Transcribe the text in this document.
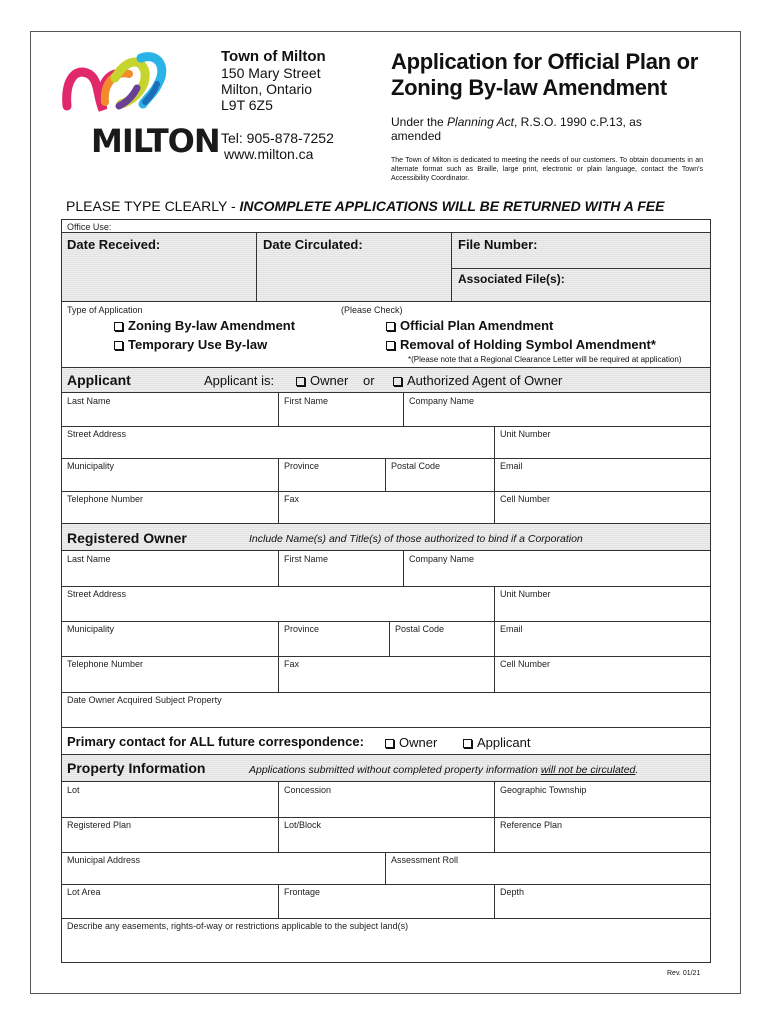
MILTON
Town of Milton
150 Mary Street
Milton, Ontario
L9T 6Z5
Tel: 905-878-7252
www.milton.ca
Application for Official Plan or
Zoning By-law Amendment
Under the Planning Act, R.S.O. 1990 c.P.13, as
amended
The Town of Milton is dedicated to meeting the needs of our customers. To obtain documents in an alternate format such as Braille, large print, electronic or plain language, contact the Town's Accessibility Coordinator.
PLEASE TYPE CLEARLY - INCOMPLETE APPLICATIONS WILL BE RETURNED WITH A FEE
Office Use:
Date Received:	Date Circulated:	File Number:
Associated File(s):
Type of Application	(Please Check)
Zoning By-law Amendment
Temporary Use By-law
Official Plan Amendment
Removal of Holding Symbol Amendment*
*(Please note that a Regional Clearance Letter will be required at application)
Applicant	Applicant is:	Owner or	Authorized Agent of Owner
Last Name	First Name	Company Name
Street Address	Unit Number
Municipality	Province	Postal Code	Email
Telephone Number	Fax	Cell Number
Registered Owner	Include Name(s) and Title(s) of those authorized to bind if a Corporation
Last Name	First Name	Company Name
Street Address	Unit Number
Municipality	Province	Postal Code	Email
Telephone Number	Fax	Cell Number
Date Owner Acquired Subject Property
Primary contact for ALL future correspondence:	Owner	Applicant
Property Information	Applications submitted without completed property information will not be circulated.
Lot	Concession	Geographic Township
Registered Plan	Lot/Block	Reference Plan
Municipal Address	Assessment Roll
Lot Area	Frontage	Depth
Describe any easements, rights-of-way or restrictions applicable to the subject land(s)
Rev. 01/21
